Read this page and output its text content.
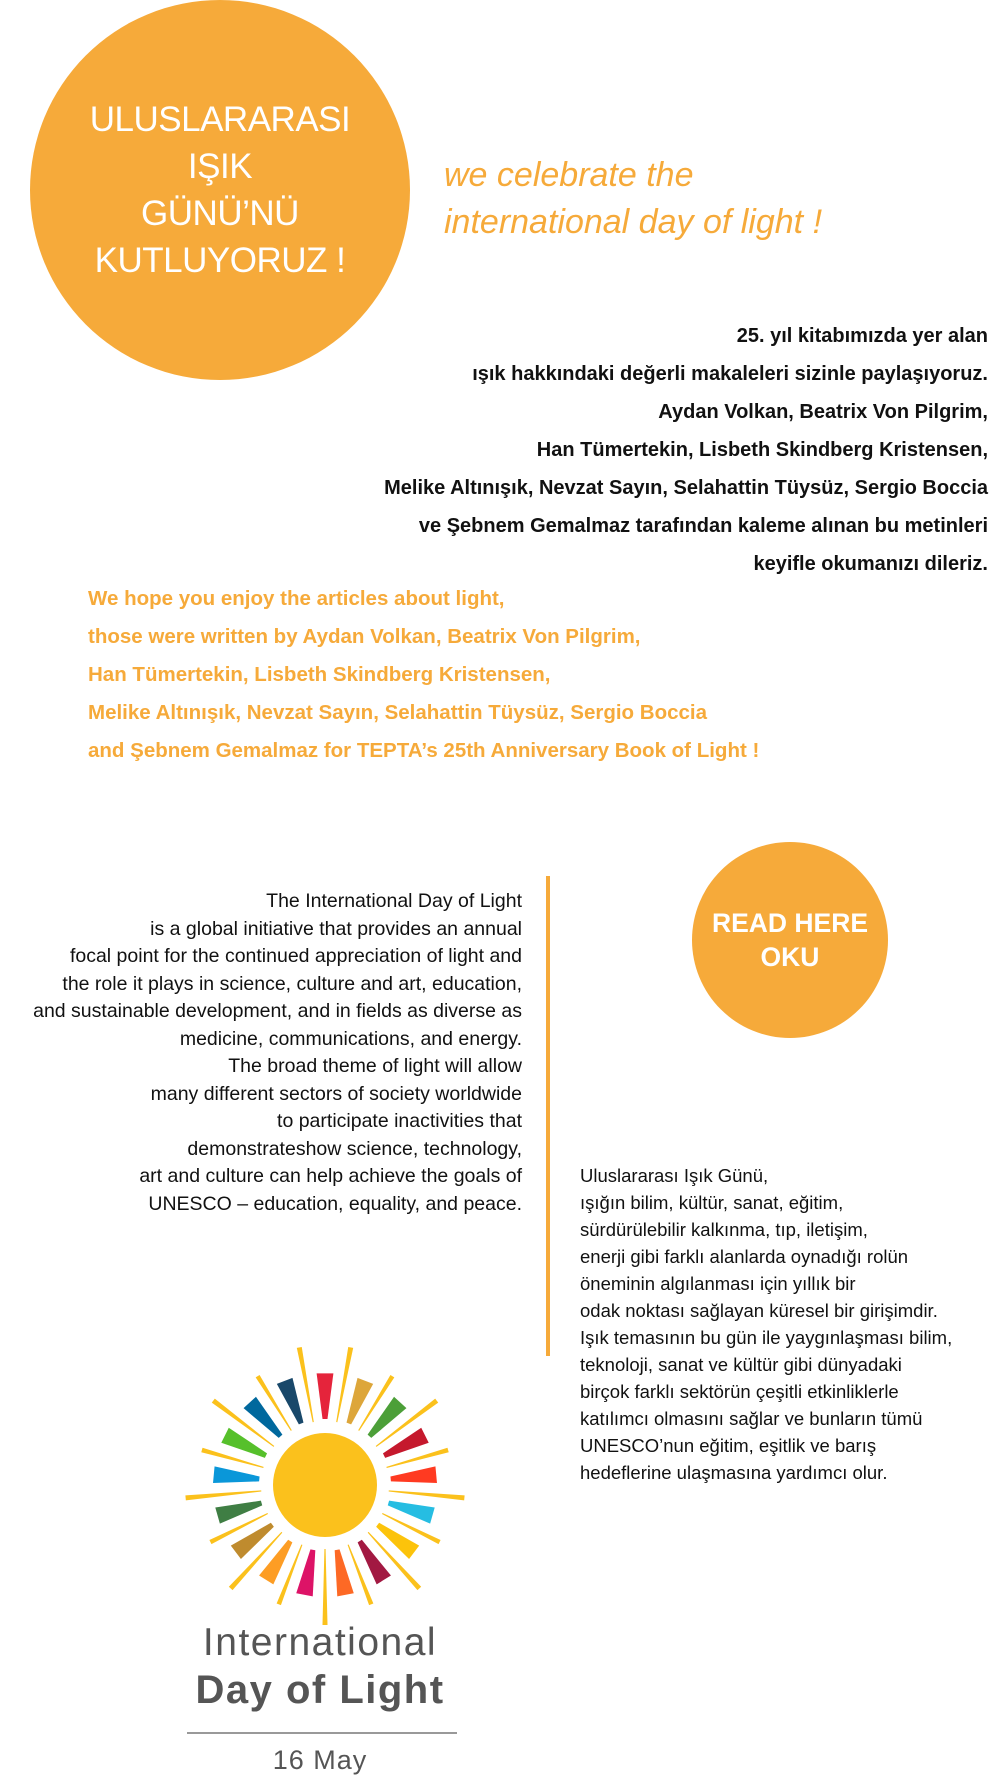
ULUSLARARASI
IŞIK
GÜNÜ’NÜ
KUTLUYORUZ !
we celebrate the
international day of light !
25. yıl kitabımızda yer alan
ışık hakkındaki değerli makaleleri sizinle paylaşıyoruz.
Aydan Volkan, Beatrix Von Pilgrim,
Han Tümertekin, Lisbeth Skindberg Kristensen,
Melike Altınışık, Nevzat Sayın, Selahattin Tüysüz, Sergio Boccia
ve Şebnem Gemalmaz tarafından kaleme alınan bu metinleri
keyifle okumanızı dileriz.
We hope you enjoy the articles about light,
those were written by Aydan Volkan, Beatrix Von Pilgrim,
Han Tümertekin, Lisbeth Skindberg Kristensen,
Melike Altınışık, Nevzat Sayın, Selahattin Tüysüz, Sergio Boccia
and Şebnem Gemalmaz for TEPTA’s 25th Anniversary Book of Light !
The International Day of Light
is a global initiative that provides an annual
focal point for the continued appreciation of light and
the role it plays in science, culture and art, education,
and sustainable development, and in fields as diverse as
medicine, communications, and energy.
The broad theme of light will allow
many different sectors of society worldwide
to participate inactivities that
demonstrateshow science, technology,
art and culture can help achieve the goals of
UNESCO – education, equality, and peace.
READ HERE
OKU
Uluslararası Işık Günü,
ışığın bilim, kültür, sanat, eğitim,
sürdürülebilir kalkınma, tıp, iletişim,
enerji gibi farklı alanlarda oynadığı rolün
öneminin algılanması için yıllık bir
odak noktası sağlayan küresel bir girişimdir.
Işık temasının bu gün ile yaygınlaşması bilim,
teknoloji, sanat ve kültür gibi dünyadaki
birçok farklı sektörün çeşitli etkinliklerle
katılımcı olmasını sağlar ve bunların tümü
UNESCO’nun eğitim, eşitlik ve barış
hedeflerine ulaşmasına yardımcı olur.
International
Day of Light
16 May
